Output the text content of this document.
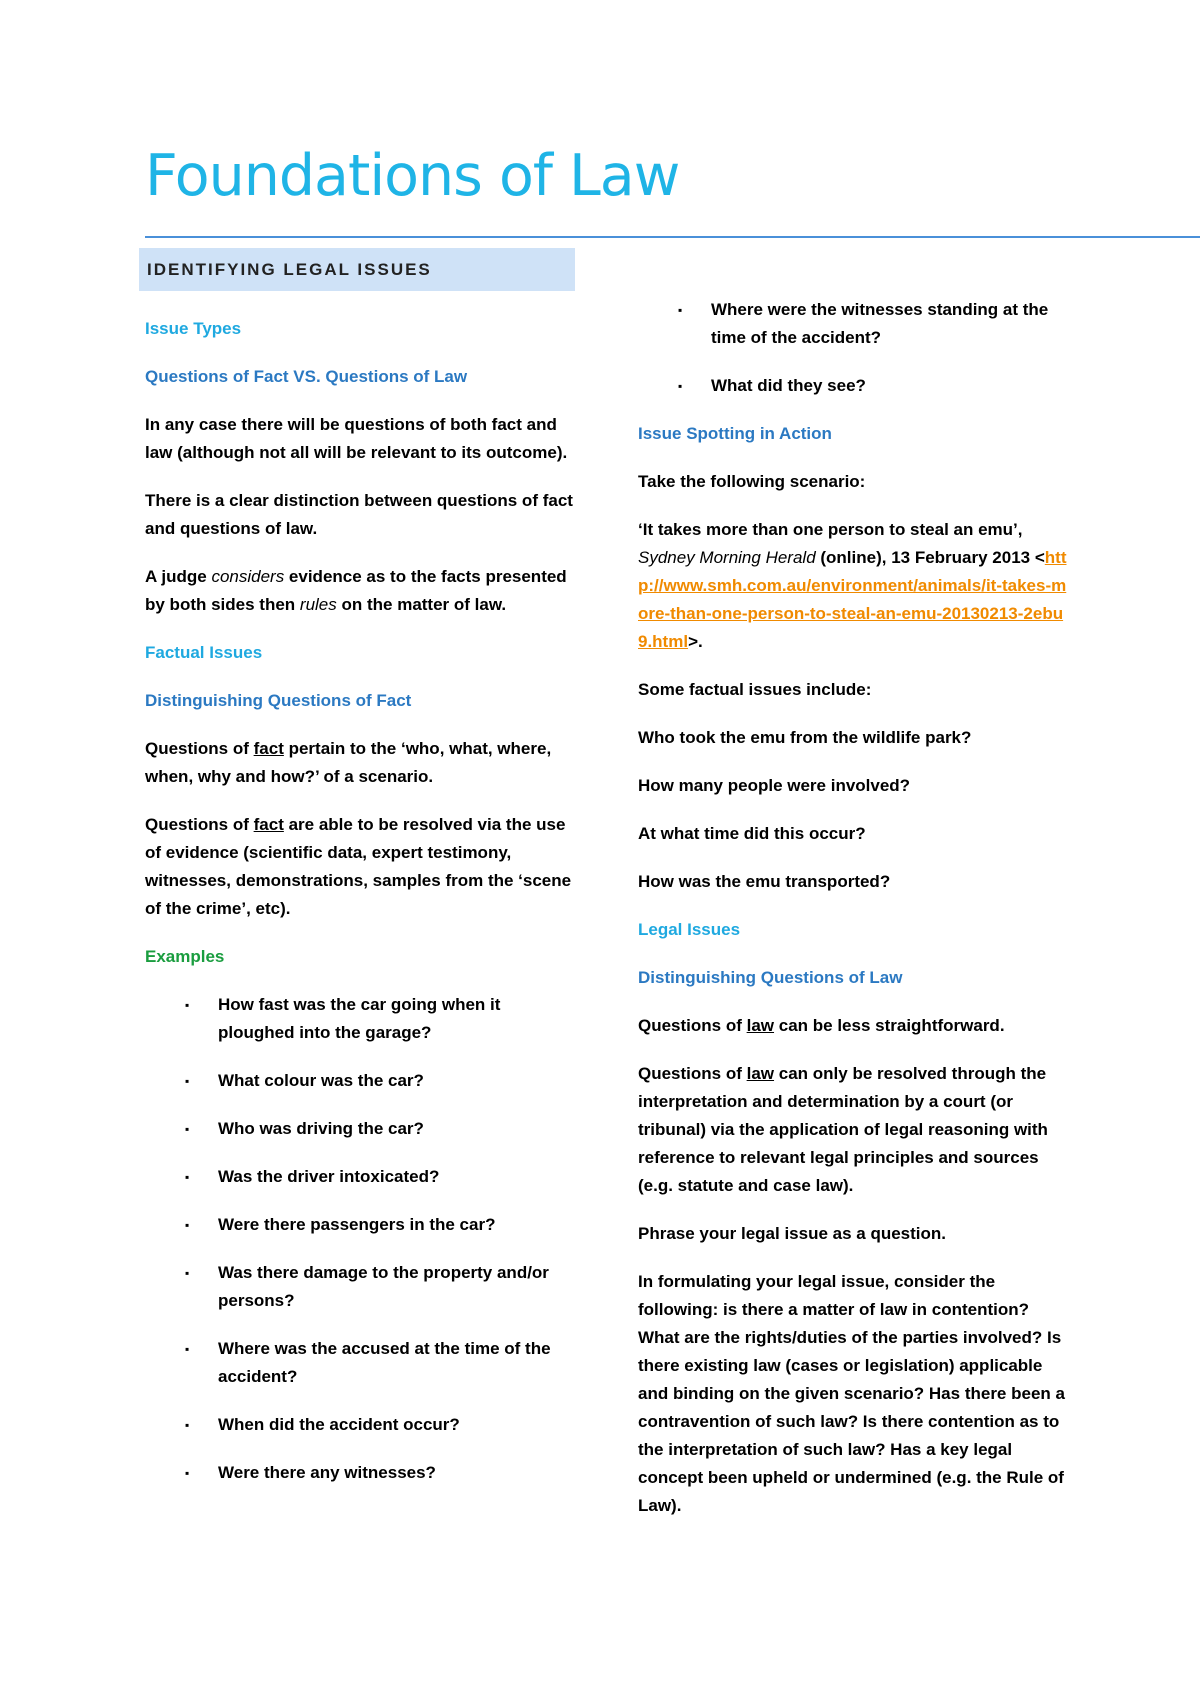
Foundations of Law
IDENTIFYING LEGAL ISSUES

Issue Types

Questions of Fact VS. Questions of Law

In any case there will be questions of both fact and law (although not all will be relevant to its outcome).

There is a clear distinction between questions of fact and questions of law.

A judge considers evidence as to the facts presented by both sides then rules on the matter of law.

Factual Issues

Distinguishing Questions of Fact

Questions of fact pertain to the ‘who, what, where, when, why and how?’ of a scenario.

Questions of fact are able to be resolved via the use of evidence (scientific data, expert testimony, witnesses, demonstrations, samples from the ‘scene of the crime’, etc).

Examples

▪ How fast was the car going when it ploughed into the garage?
▪ What colour was the car?
▪ Who was driving the car?
▪ Was the driver intoxicated?
▪ Were there passengers in the car?
▪ Was there damage to the property and/or persons?
▪ Where was the accused at the time of the accident?
▪ When did the accident occur?
▪ Were there any witnesses?
▪ Where were the witnesses standing at the time of the accident?
▪ What did they see?

Issue Spotting in Action

Take the following scenario:

‘It takes more than one person to steal an emu’, Sydney Morning Herald (online), 13 February 2013 <http://www.smh.com.au/environment/animals/it-takes-more-than-one-person-to-steal-an-emu-20130213-2ebu9.html>.

Some factual issues include:

Who took the emu from the wildlife park?

How many people were involved?

At what time did this occur?

How was the emu transported?

Legal Issues

Distinguishing Questions of Law

Questions of law can be less straightforward.

Questions of law can only be resolved through the interpretation and determination by a court (or tribunal) via the application of legal reasoning with reference to relevant legal principles and sources (e.g. statute and case law).

Phrase your legal issue as a question.

In formulating your legal issue, consider the following: is there a matter of law in contention? What are the rights/duties of the parties involved? Is there existing law (cases or legislation) applicable and binding on the given scenario? Has there been a contravention of such law? Is there contention as to the interpretation of such law? Has a key legal concept been upheld or undermined (e.g. the Rule of Law).
